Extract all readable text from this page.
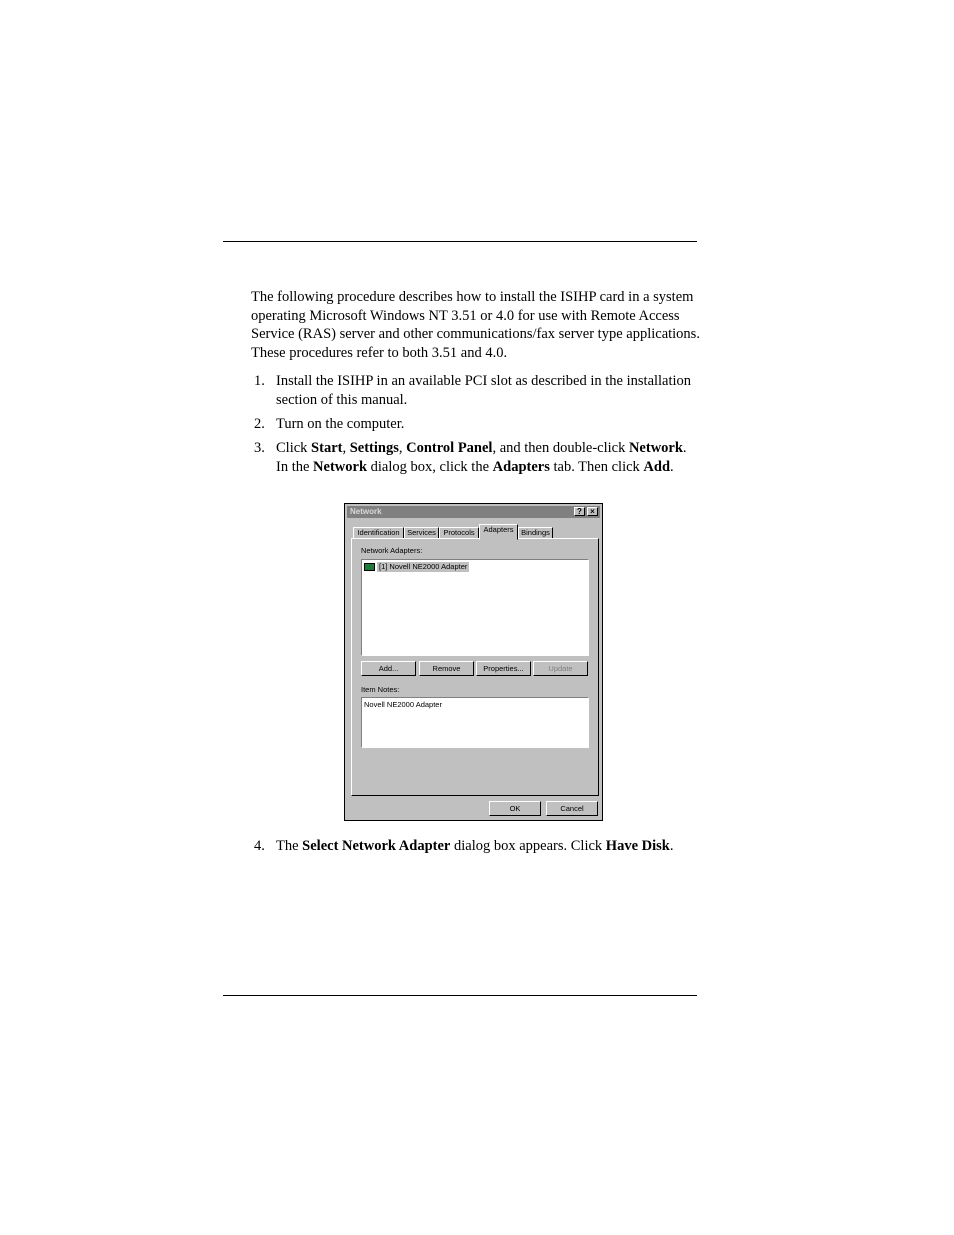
The following procedure describes how to install the ISIHP card in a system operating Microsoft Windows NT 3.51 or 4.0 for use with Remote Access Service (RAS) server and other communications/fax server type applications. These procedures refer to both 3.51 and 4.0.

1. Install the ISIHP in an available PCI slot as described in the installation section of this manual.
2. Turn on the computer.
3. Click Start, Settings, Control Panel, and then double-click Network. In the Network dialog box, click the Adapters tab. Then click Add.
Network	?	×
Identification	Services Protocols	Adapters	Bindings
Network Adapters:
[1] Novell NE2000 Adapter
Add...	Remove	Properties...	Update
Item Notes:
Novell NE2000 Adapter
OK	Cancel
4. The Select Network Adapter dialog box appears. Click Have Disk.
